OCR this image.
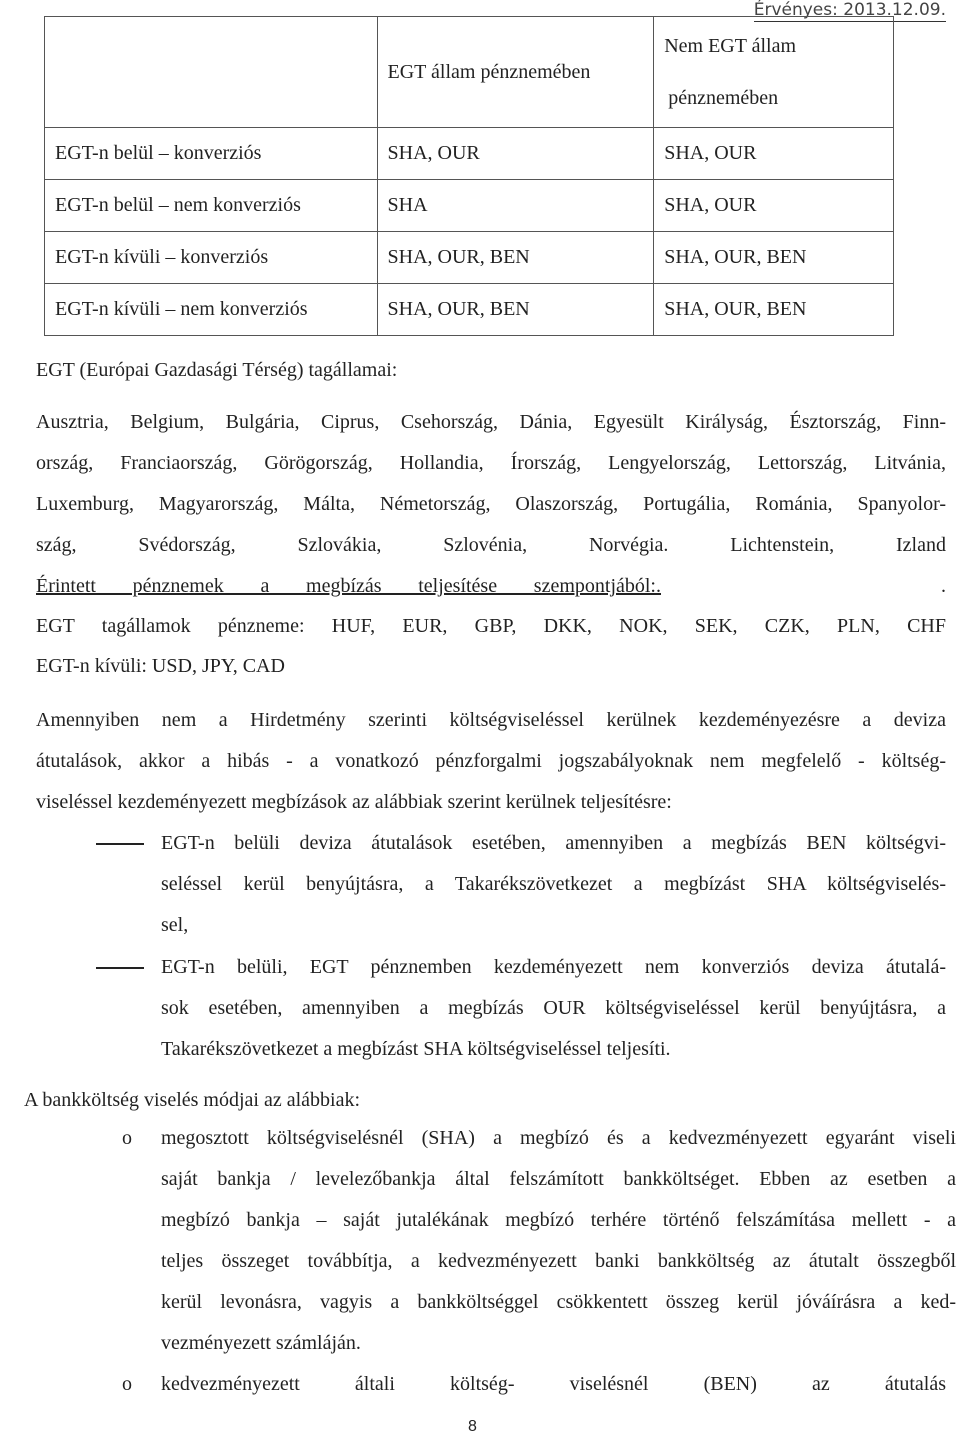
Érvényes: 2013.12.09.
	EGT állam pénznemében	Nem EGT állam
pénznemében

EGT-n belül – konverziós	SHA, OUR	SHA, OUR
EGT-n belül – nem konverziós	SHA	SHA, OUR
EGT-n kívüli – konverziós	SHA, OUR, BEN	SHA, OUR, BEN
EGT-n kívüli – nem konverziós	SHA, OUR, BEN	SHA, OUR, BEN
EGT (Európai Gazdasági Térség) tagállamai:
Ausztria, Belgium, Bulgária, Ciprus, Csehország, Dánia, Egyesült Királyság, Észtország, Finn-
ország, Franciaország, Görögország, Hollandia, Írország, Lengyelország, Lettország, Litvánia,
Luxemburg, Magyarország, Málta, Németország, Olaszország, Portugália, Románia, Spanyolor-
szág, Svédország, Szlovákia, Szlovénia, Norvégia. Lichtenstein, Izland
Érintett pénznemek a megbízás teljesítése szempontjából:.	.
EGT tagállamok pénzneme: HUF, EUR, GBP, DKK, NOK, SEK, CZK, PLN, CHF
EGT-n kívüli: USD, JPY, CAD
Amennyiben nem a Hirdetmény szerinti költségviseléssel kerülnek kezdeményezésre a deviza
átutalások, akkor a hibás - a vonatkozó pénzforgalmi jogszabályoknak nem megfelelő - költség-
viseléssel kezdeményezett megbízások az alábbiak szerint kerülnek teljesítésre:
EGT-n belüli deviza átutalások esetében, amennyiben a megbízás BEN költségvi-
seléssel kerül benyújtásra, a Takarékszövetkezet a megbízást SHA költségviselés-
sel,
EGT-n belüli, EGT pénznemben kezdeményezett nem konverziós deviza átutalá-
sok esetében, amennyiben a megbízás OUR költségviseléssel kerül benyújtásra, a
Takarékszövetkezet a megbízást SHA költségviseléssel teljesíti.
A bankköltség viselés módjai az alábbiak:
o megosztott költségviselésnél (SHA) a megbízó és a kedvezményezett egyaránt viseli
saját bankja / levelezőbankja által felszámított bankköltséget. Ebben az esetben a
megbízó bankja – saját jutalékának megbízó terhére történő felszámítása mellett - a
teljes összeget továbbítja, a kedvezményezett banki bankköltség az átutalt összegből
kerül levonásra, vagyis a bankköltséggel csökkentett összeg kerül jóváírásra a ked-
vezményezett számláján.
o kedvezményezett általi költség- viselésnél (BEN) az átutalás
8
